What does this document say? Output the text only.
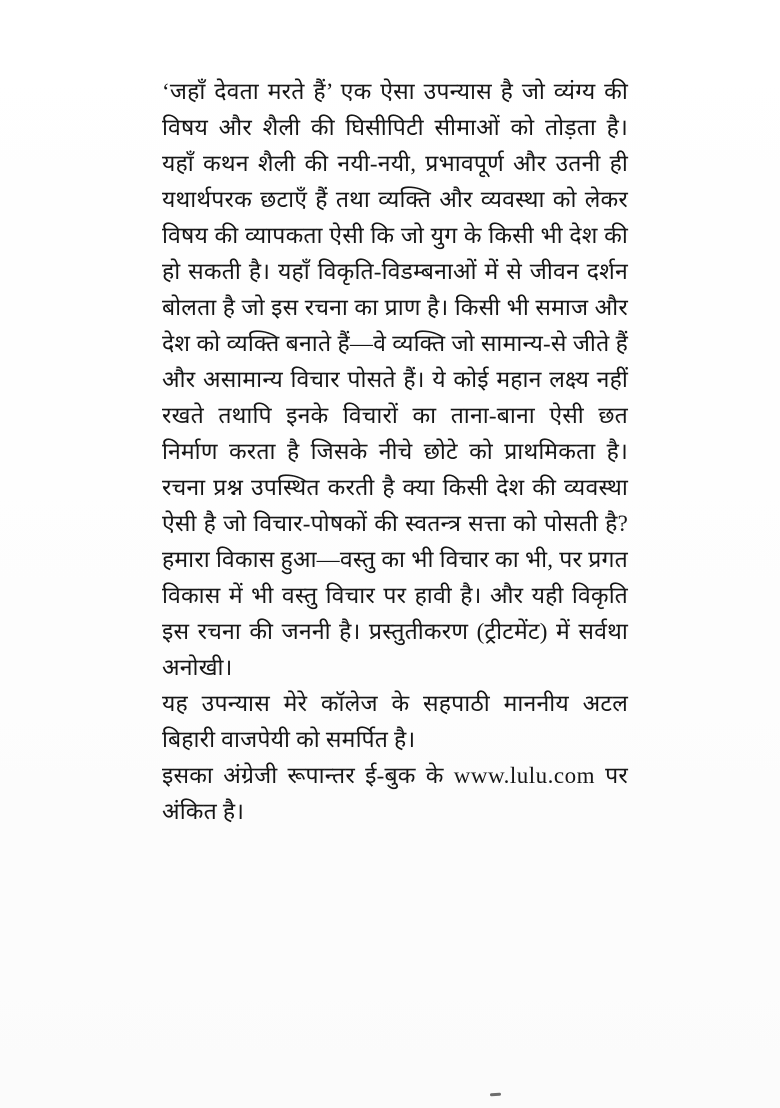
‘जहाँ देवता मरते हैं’ एक ऐसा उपन्यास है जो व्यंग्य की विषय और शैली की घिसीपिटी सीमाओं को तोड़ता है। यहाँ कथन शैली की नयी-नयी, प्रभावपूर्ण और उतनी ही यथार्थपरक छटाएँ हैं तथा व्यक्ति और व्यवस्था को लेकर विषय की व्यापकता ऐसी कि जो युग के किसी भी देश की हो सकती है। यहाँ विकृति-विडम्बनाओं में से जीवन दर्शन बोलता है जो इस रचना का प्राण है। किसी भी समाज और देश को व्यक्ति बनाते हैं—वे व्यक्ति जो सामान्य-से जीते हैं और असामान्य विचार पोसते हैं। ये कोई महान लक्ष्य नहीं रखते तथापि इनके विचारों का ताना-बाना ऐसी छत निर्माण करता है जिसके नीचे छोटे को प्राथमिकता है। रचना प्रश्न उपस्थित करती है क्या किसी देश की व्यवस्था ऐसी है जो विचार-पोषकों की स्वतन्त्र सत्ता को पोसती है? हमारा विकास हुआ—वस्तु का भी विचार का भी, पर प्रगत विकास में भी वस्तु विचार पर हावी है। और यही विकृति इस रचना की जननी है। प्रस्तुतीकरण (ट्रीटमेंट) में सर्वथा अनोखी।

यह उपन्यास मेरे कॉलेज के सहपाठी माननीय अटल बिहारी वाजपेयी को समर्पित है।

इसका अंग्रेजी रूपान्तर ई-बुक के www.lulu.com पर अंकित है।
